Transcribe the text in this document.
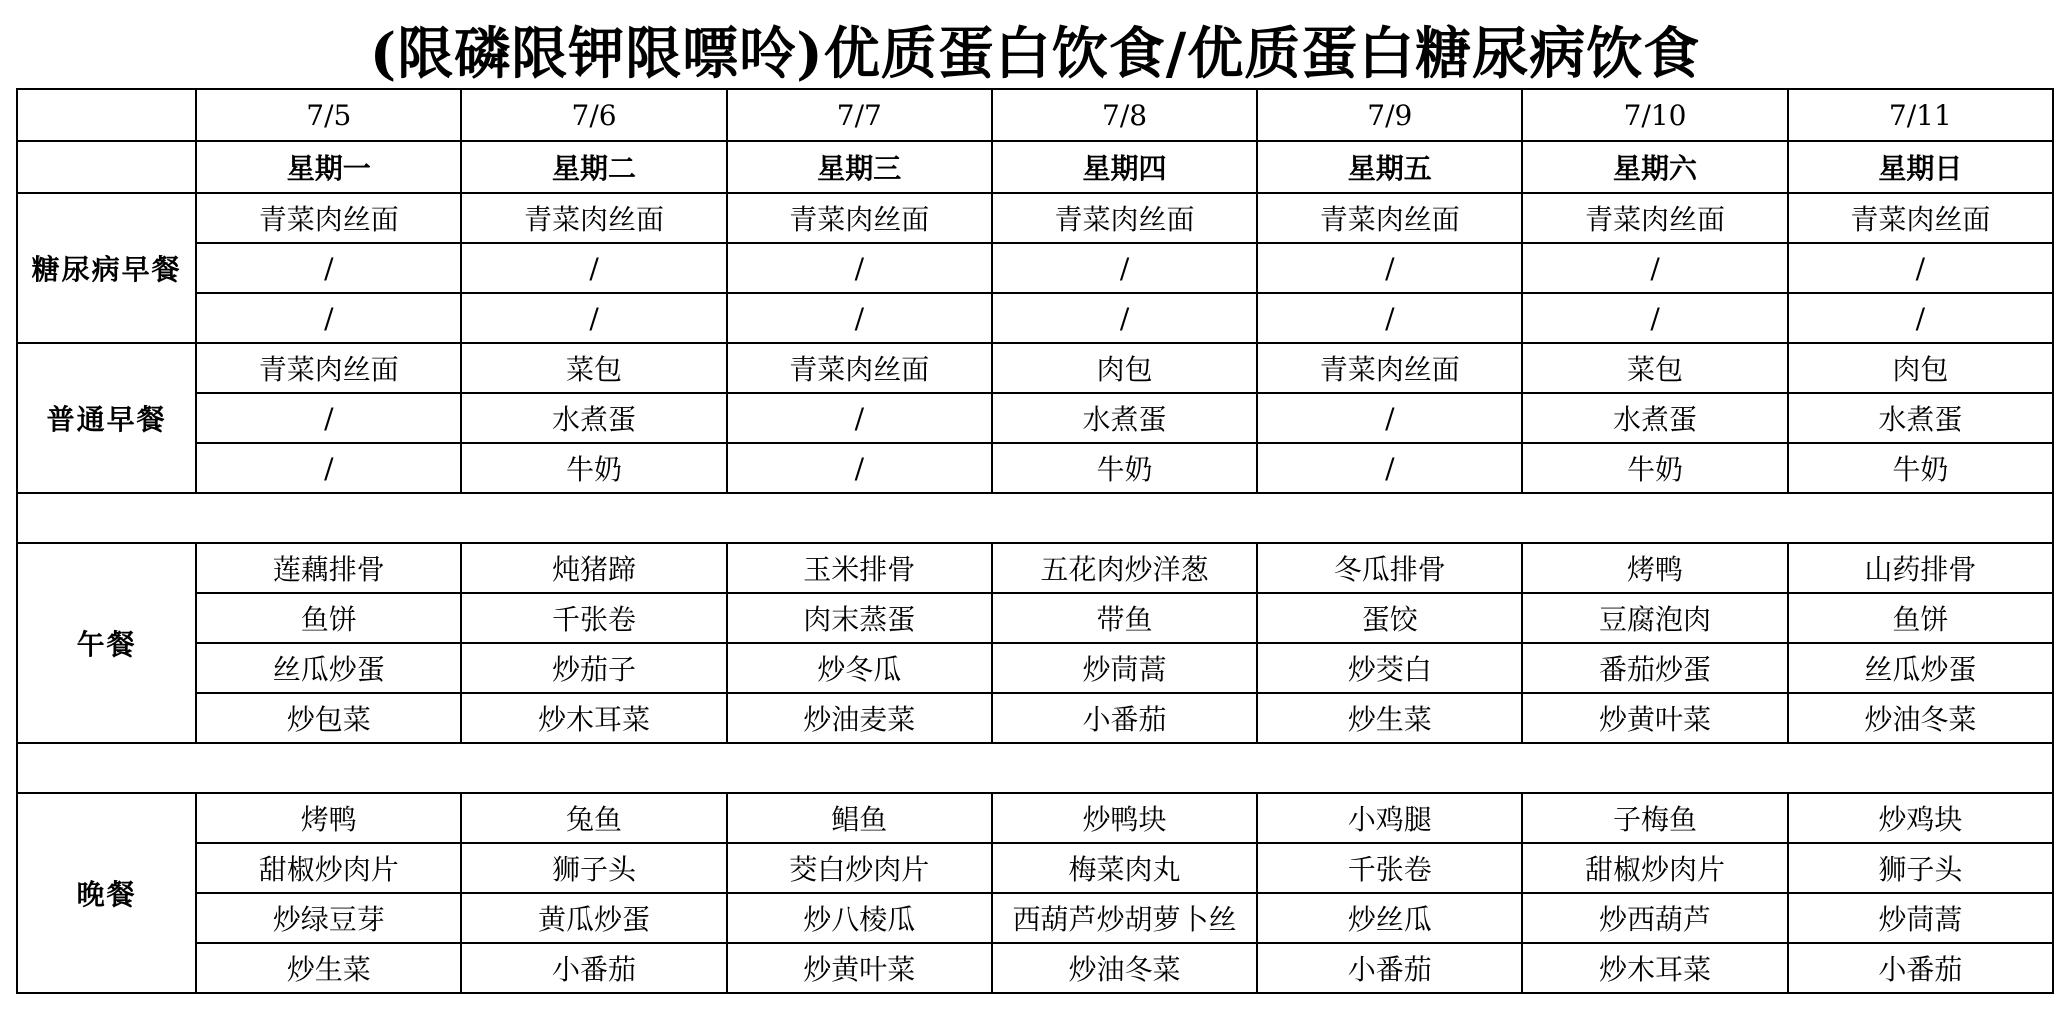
(限磷限钾限嘌呤)优质蛋白饮食/优质蛋白糖尿病饮食
	7/5	7/6	7/7	7/8	7/9	7/10	7/11
	星期一	星期二	星期三	星期四	星期五	星期六	星期日
糖尿病早餐	青菜肉丝面	青菜肉丝面	青菜肉丝面	青菜肉丝面	青菜肉丝面	青菜肉丝面	青菜肉丝面
	/	/	/	/	/	/	/
	/	/	/	/	/	/	/
普通早餐	青菜肉丝面	菜包	青菜肉丝面	肉包	青菜肉丝面	菜包	肉包
	/	水煮蛋	/	水煮蛋	/	水煮蛋	水煮蛋
	/	牛奶	/	牛奶	/	牛奶	牛奶

午餐	莲藕排骨	炖猪蹄	玉米排骨	五花肉炒洋葱	冬瓜排骨	烤鸭	山药排骨
	鱼饼	千张卷	肉末蒸蛋	带鱼	蛋饺	豆腐泡肉	鱼饼
	丝瓜炒蛋	炒茄子	炒冬瓜	炒茼蒿	炒茭白	番茄炒蛋	丝瓜炒蛋
	炒包菜	炒木耳菜	炒油麦菜	小番茄	炒生菜	炒黄叶菜	炒油冬菜

晚餐	烤鸭	兔鱼	鲳鱼	炒鸭块	小鸡腿	子梅鱼	炒鸡块
	甜椒炒肉片	狮子头	茭白炒肉片	梅菜肉丸	千张卷	甜椒炒肉片	狮子头
	炒绿豆芽	黄瓜炒蛋	炒八棱瓜	西葫芦炒胡萝卜丝	炒丝瓜	炒西葫芦	炒茼蒿
	炒生菜	小番茄	炒黄叶菜	炒油冬菜	小番茄	炒木耳菜	小番茄
